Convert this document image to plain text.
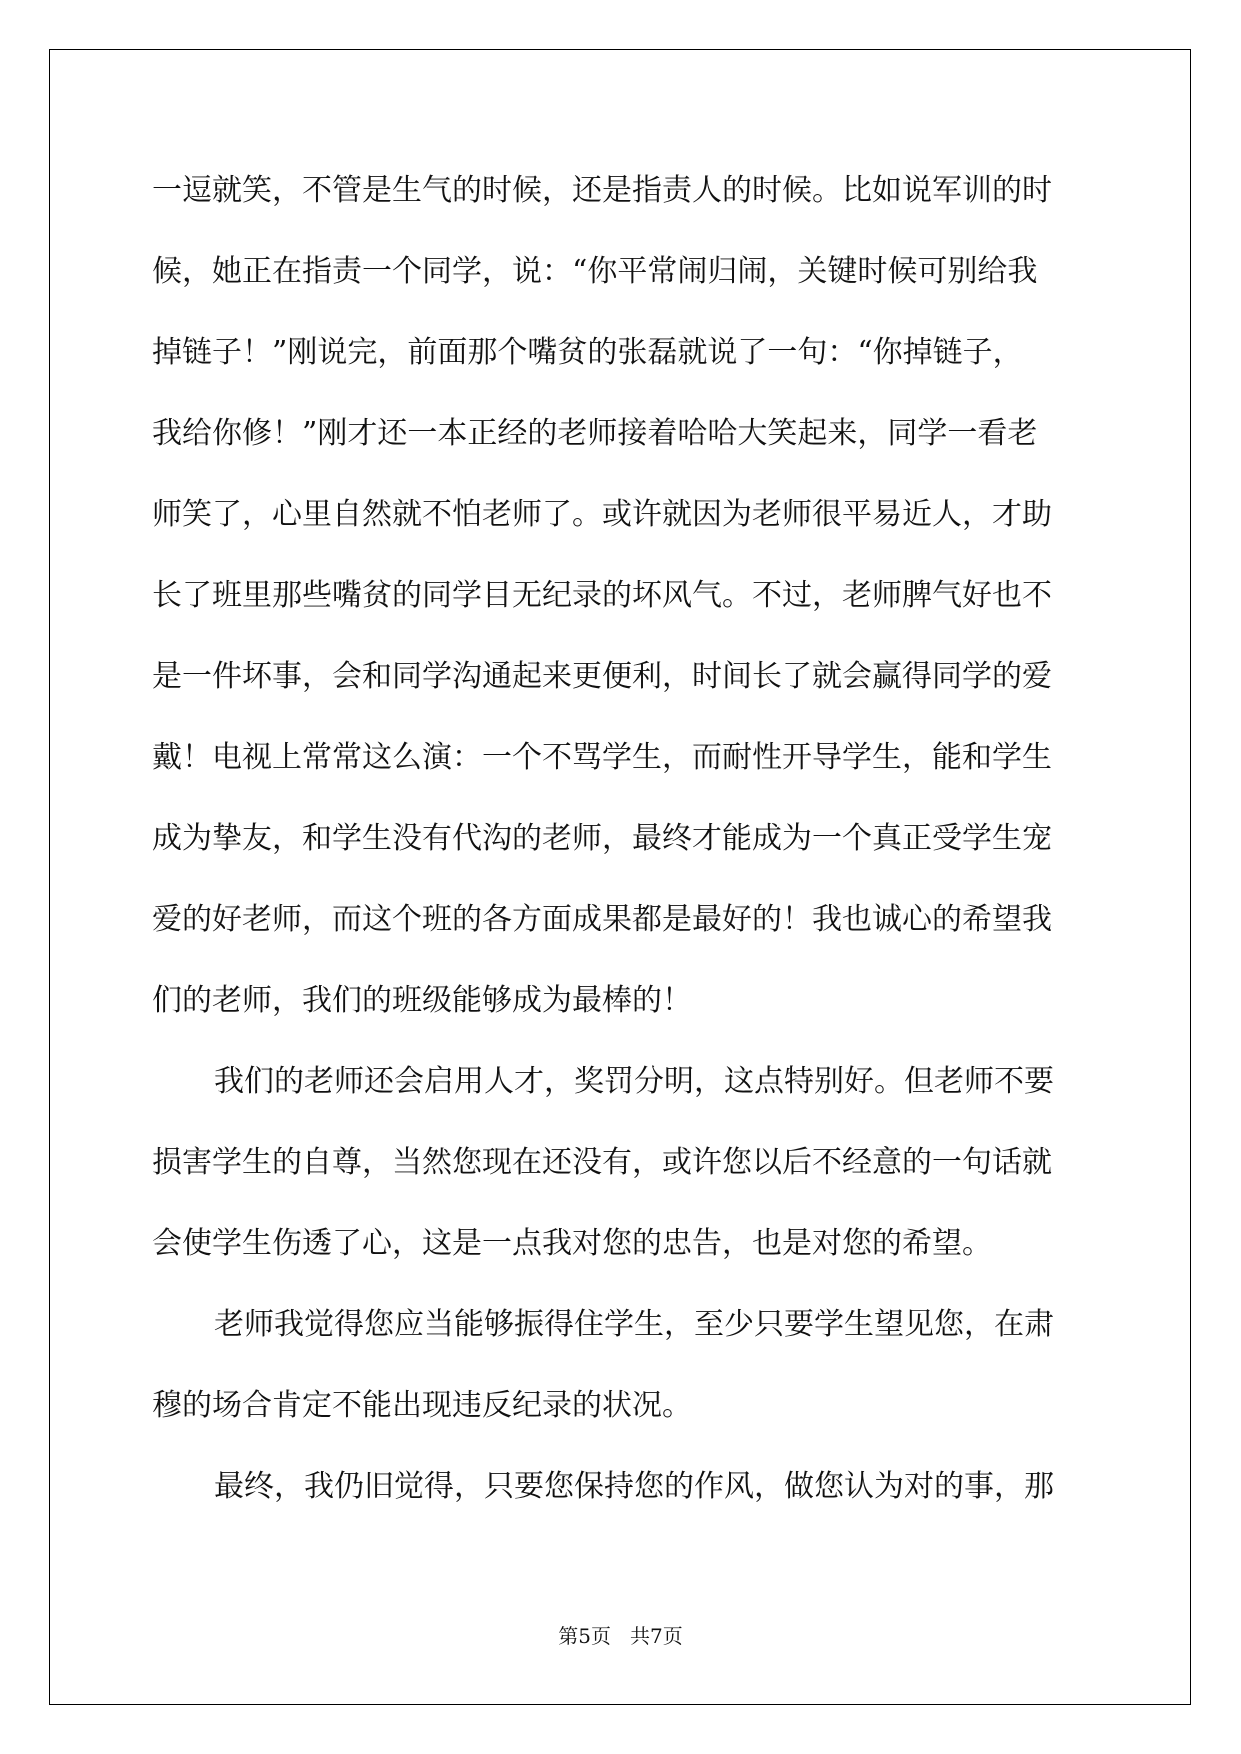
一逗就笑，不管是生气的时候，还是指责人的时候。比如说军训的时

候，她正在指责一个同学，说：“你平常闹归闹，关键时候可别给我

掉链子！”刚说完，前面那个嘴贫的张磊就说了一句：“你掉链子，

我给你修！”刚才还一本正经的老师接着哈哈大笑起来，同学一看老

师笑了，心里自然就不怕老师了。或许就因为老师很平易近人，才助

长了班里那些嘴贫的同学目无纪录的坏风气。不过，老师脾气好也不

是一件坏事，会和同学沟通起来更便利，时间长了就会赢得同学的爱

戴！电视上常常这么演：一个不骂学生，而耐性开导学生，能和学生

成为挚友，和学生没有代沟的老师，最终才能成为一个真正受学生宠

爱的好老师，而这个班的各方面成果都是最好的！我也诚心的希望我

们的老师，我们的班级能够成为最棒的！

我们的老师还会启用人才，奖罚分明，这点特别好。但老师不要

损害学生的自尊，当然您现在还没有，或许您以后不经意的一句话就

会使学生伤透了心，这是一点我对您的忠告，也是对您的希望。

老师我觉得您应当能够振得住学生，至少只要学生望见您，在肃

穆的场合肯定不能出现违反纪录的状况。

最终，我仍旧觉得，只要您保持您的作风，做您认为对的事，那

第5页   共7页
